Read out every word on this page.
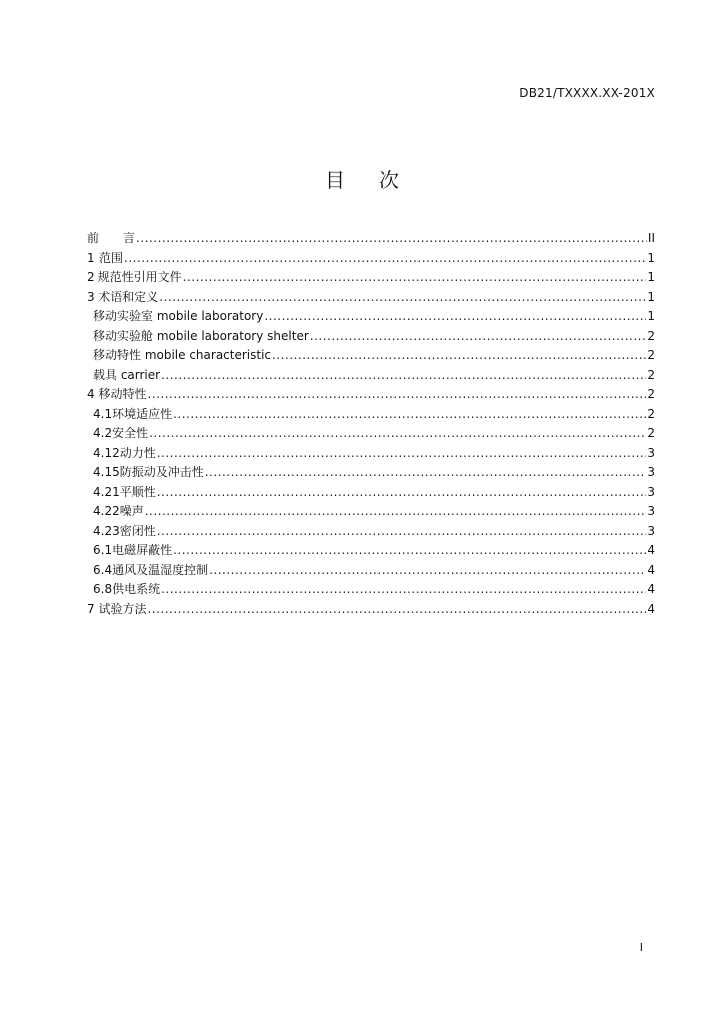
DB21/TXXXX.XX-201X
目 次
前　　言 .....	II
1 范围 .....	1
2 规范性引用文件 .....	1
3 术语和定义 .....	1
移动实验室 mobile laboratory .....	1
移动实验舱 mobile laboratory shelter .....	2
移动特性 mobile characteristic .....	2
载具 carrier .....	2
4 移动特性 .....	2
4.1 环境适应性 .....	2
4.2 安全性 .....	2
4.12 动力性 .....	3
4.15 防振动及冲击性 .....	3
4.21 平顺性 .....	3
4.22 噪声 .....	3
4.23 密闭性 .....	3
6.1 电磁屏蔽性 .....	4
6.4 通风及温湿度控制 .....	4
6.8 供电系统 .....	4
7 试验方法 .....	4
I
